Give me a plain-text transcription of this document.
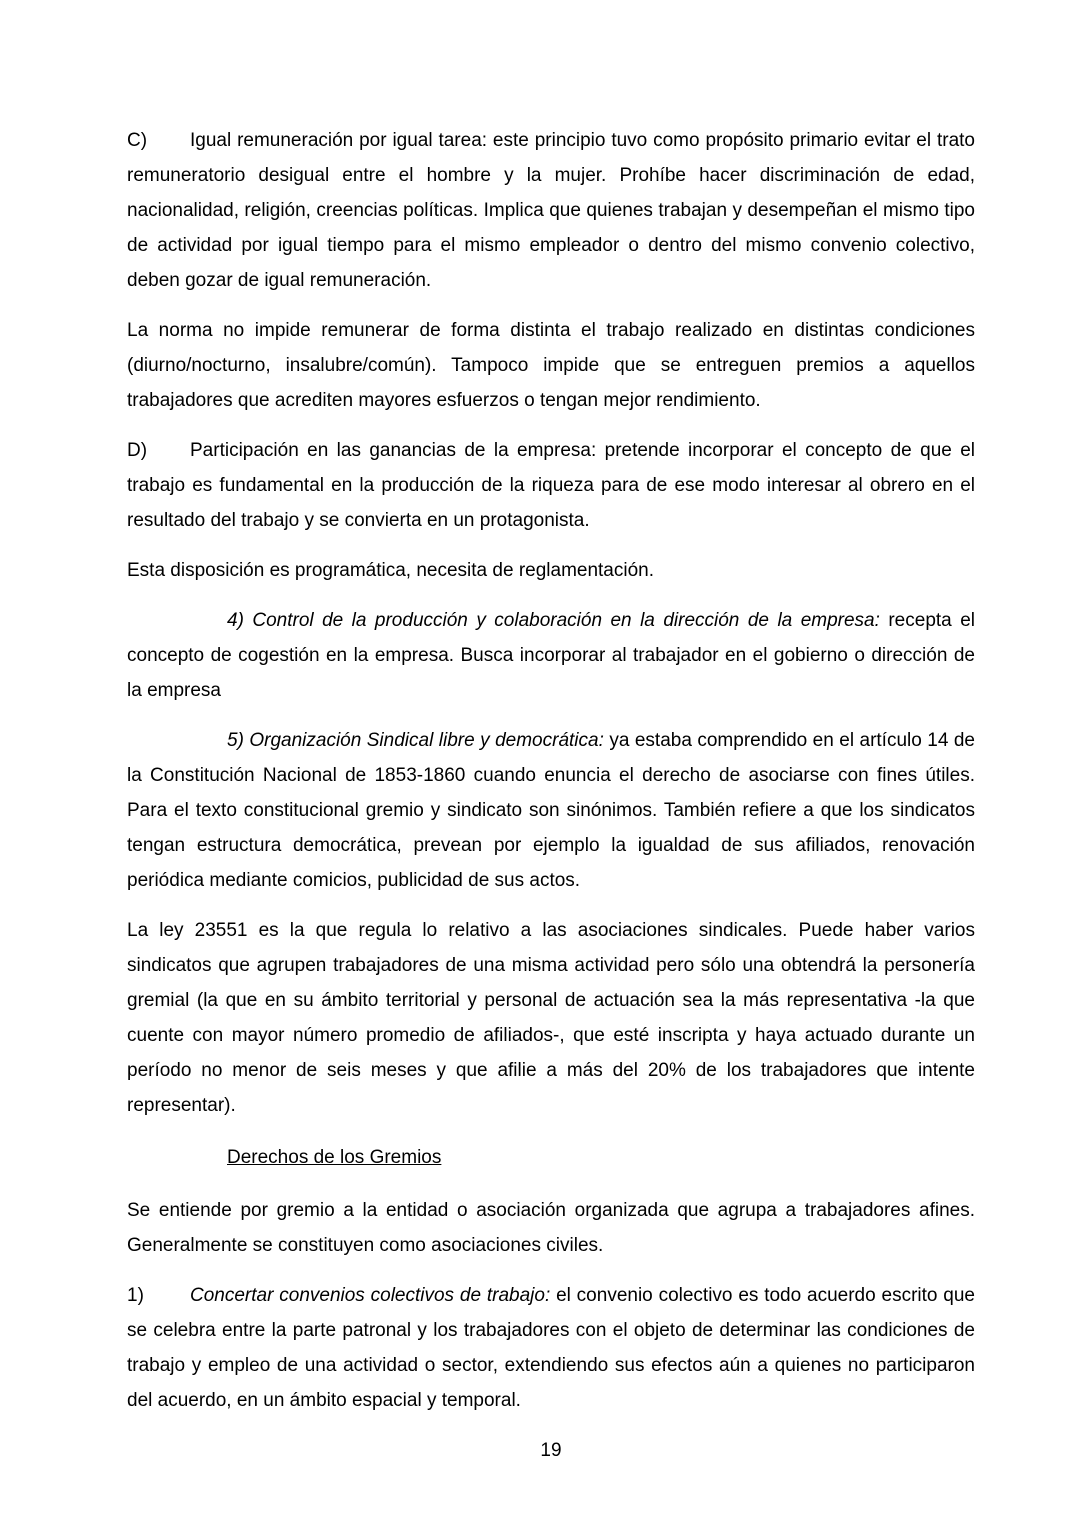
C) Igual remuneración por igual tarea: este principio tuvo como propósito primario evitar el trato remuneratorio desigual entre el hombre y la mujer. Prohíbe hacer discriminación de edad, nacionalidad, religión, creencias políticas. Implica que quienes trabajan y desempeñan el mismo tipo de actividad por igual tiempo para el mismo empleador o dentro del mismo convenio colectivo, deben gozar de igual remuneración.

La norma no impide remunerar de forma distinta el trabajo realizado en distintas condiciones (diurno/nocturno, insalubre/común). Tampoco impide que se entreguen premios a aquellos trabajadores que acrediten mayores esfuerzos o tengan mejor rendimiento.

D) Participación en las ganancias de la empresa: pretende incorporar el concepto de que el trabajo es fundamental en la producción de la riqueza para de ese modo interesar al obrero en el resultado del trabajo y se convierta en un protagonista.

Esta disposición es programática, necesita de reglamentación.

4) Control de la producción y colaboración en la dirección de la empresa: recepta el concepto de cogestión en la empresa. Busca incorporar al trabajador en el gobierno o dirección de la empresa

5) Organización Sindical libre y democrática: ya estaba comprendido en el artículo 14 de la Constitución Nacional de 1853-1860 cuando enuncia el derecho de asociarse con fines útiles. Para el texto constitucional gremio y sindicato son sinónimos. También refiere a que los sindicatos tengan estructura democrática, prevean por ejemplo la igualdad de sus afiliados, renovación periódica mediante comicios, publicidad de sus actos.

La ley 23551 es la que regula lo relativo a las asociaciones sindicales. Puede haber varios sindicatos que agrupen trabajadores de una misma actividad pero sólo una obtendrá la personería gremial (la que en su ámbito territorial y personal de actuación sea la más representativa -la que cuente con mayor número promedio de afiliados-, que esté inscripta y haya actuado durante un período no menor de seis meses y que afilie a más del 20% de los trabajadores que intente representar).

Derechos de los Gremios

Se entiende por gremio a la entidad o asociación organizada que agrupa a trabajadores afines. Generalmente se constituyen como asociaciones civiles.

1) Concertar convenios colectivos de trabajo: el convenio colectivo es todo acuerdo escrito que se celebra entre la parte patronal y los trabajadores con el objeto de determinar las condiciones de trabajo y empleo de una actividad o sector, extendiendo sus efectos aún a quienes no participaron del acuerdo, en un ámbito espacial y temporal.

19
